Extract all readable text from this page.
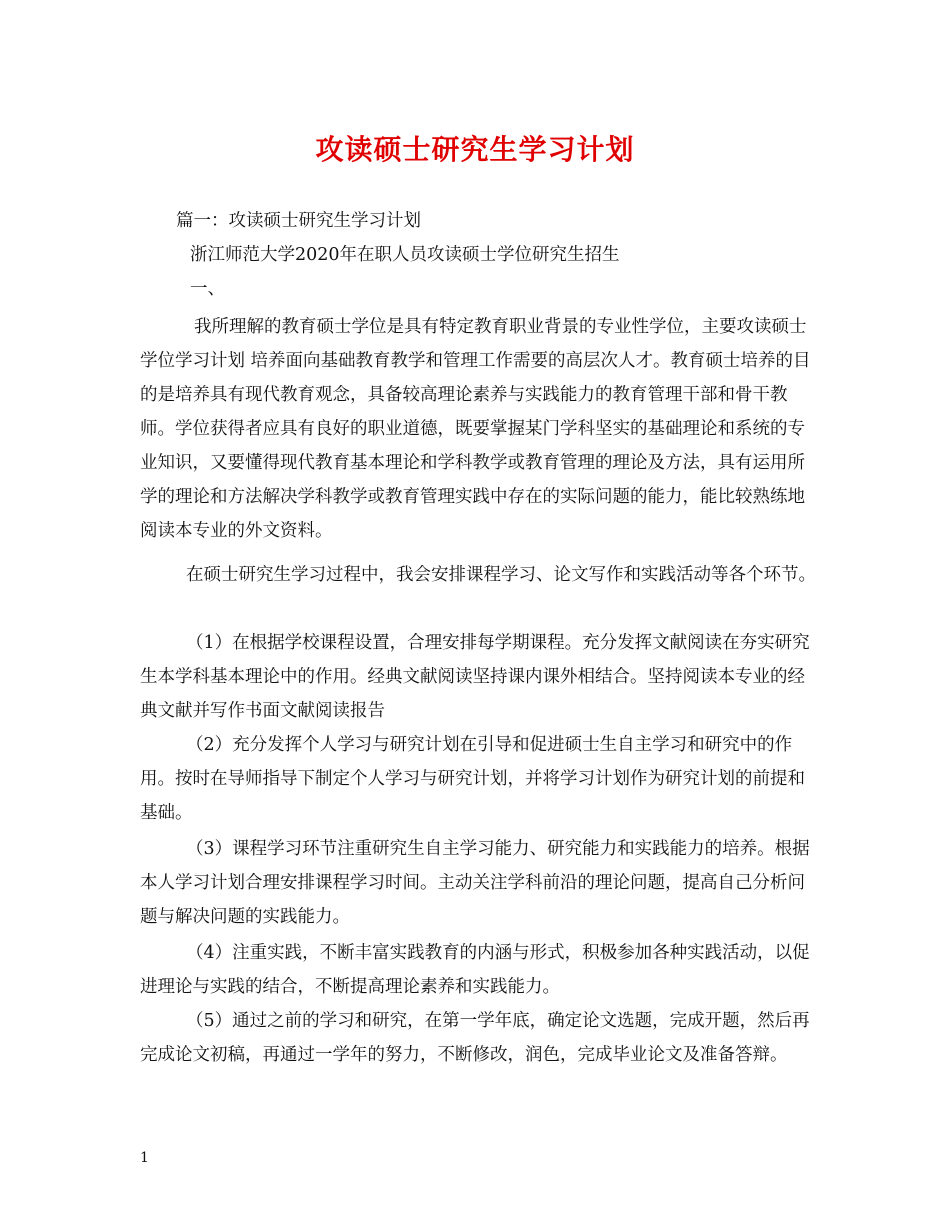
攻读硕士研究生学习计划

篇一：攻读硕士研究生学习计划

浙江师范大学2020年在职人员攻读硕士学位研究生招生

一、

我所理解的教育硕士学位是具有特定教育职业背景的专业性学位，主要攻读硕士学位学习计划 培养面向基础教育教学和管理工作需要的高层次人才。教育硕士培养的目的是培养具有现代教育观念，具备较高理论素养与实践能力的教育管理干部和骨干教师。学位获得者应具有良好的职业道德，既要掌握某门学科坚实的基础理论和系统的专业知识，又要懂得现代教育基本理论和学科教学或教育管理的理论及方法，具有运用所学的理论和方法解决学科教学或教育管理实践中存在的实际问题的能力，能比较熟练地阅读本专业的外文资料。

在硕士研究生学习过程中，我会安排课程学习、论文写作和实践活动等各个环节。

（1）在根据学校课程设置，合理安排每学期课程。充分发挥文献阅读在夯实研究生本学科基本理论中的作用。经典文献阅读坚持课内课外相结合。坚持阅读本专业的经典文献并写作书面文献阅读报告

（2）充分发挥个人学习与研究计划在引导和促进硕士生自主学习和研究中的作用。按时在导师指导下制定个人学习与研究计划，并将学习计划作为研究计划的前提和基础。

（3）课程学习环节注重研究生自主学习能力、研究能力和实践能力的培养。根据本人学习计划合理安排课程学习时间。主动关注学科前沿的理论问题，提高自己分析问题与解决问题的实践能力。

（4）注重实践，不断丰富实践教育的内涵与形式，积极参加各种实践活动，以促进理论与实践的结合，不断提高理论素养和实践能力。

（5）通过之前的学习和研究，在第一学年底，确定论文选题，完成开题，然后再完成论文初稿，再通过一学年的努力，不断修改，润色，完成毕业论文及准备答辩。

1
